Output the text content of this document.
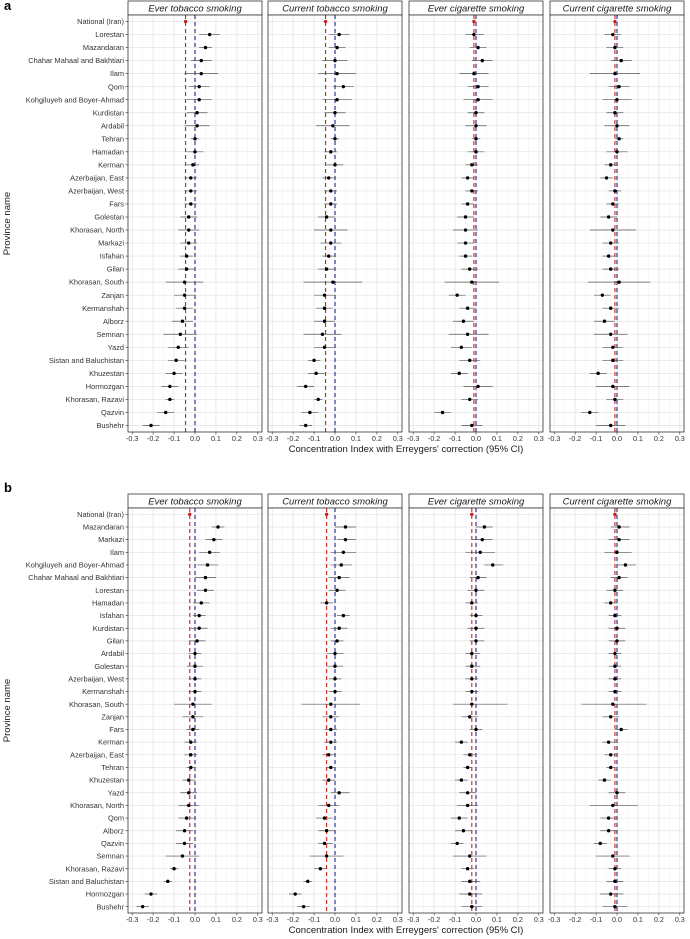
a
National (Iran)
Lorestan
Mazandaran
Chahar Mahaal and Bakhtiari
Ilam
Qom
Kohgiluyeh and Boyer-Ahmad
Kurdistan
Ardabil
Tehran
Hamadan
Kerman
Azerbaijan, East
Azerbaijan, West
Fars
Golestan
Khorasan, North
Markazi
Isfahan
Gilan
Khorasan, South
Zanjan
Kermanshah
Alborz
Semnan
Yazd
Sistan and Baluchistan
Khuzestan
Hormozgan
Khorasan, Razavi
Qazvin
Bushehr
Ever tobacco smoking
-0.3 -0.2 -0.1 0.0 0.1 0.2 0.3
Current tobacco smoking
-0.3 -0.2 -0.1 0.0 0.1 0.2 0.3
Ever cigarette smoking
-0.3 -0.2 -0.1 0.0 0.1 0.2 0.3
Current cigarette smoking
-0.3 -0.2 -0.1 0.0 0.1 0.2 0.3
Concentration Index with Erreygers' correction (95% CI)
Province name
b
National (Iran)
Mazandaran
Markazi
Ilam
Kohgiluyeh and Boyer-Ahmad
Chahar Mahaal and Bakhtiari
Lorestan
Hamadan
Isfahan
Kurdistan
Gilan
Ardabil
Golestan
Azerbaijan, West
Kermanshah
Khorasan, South
Zanjan
Fars
Kerman
Azerbaijan, East
Tehran
Khuzestan
Yazd
Khorasan, North
Qom
Alborz
Qazvin
Semnan
Khorasan, Razavi
Sistan and Baluchistan
Hormozgan
Bushehr
Ever tobacco smoking
-0.3 -0.2 -0.1 0.0 0.1 0.2 0.3
Current tobacco smoking
-0.3 -0.2 -0.1 0.0 0.1 0.2 0.3
Ever cigarette smoking
-0.3 -0.2 -0.1 0.0 0.1 0.2 0.3
Current cigarette smoking
-0.3 -0.2 -0.1 0.0 0.1 0.2 0.3
Concentration Index with Erreygers' correction (95% CI)
Province name
